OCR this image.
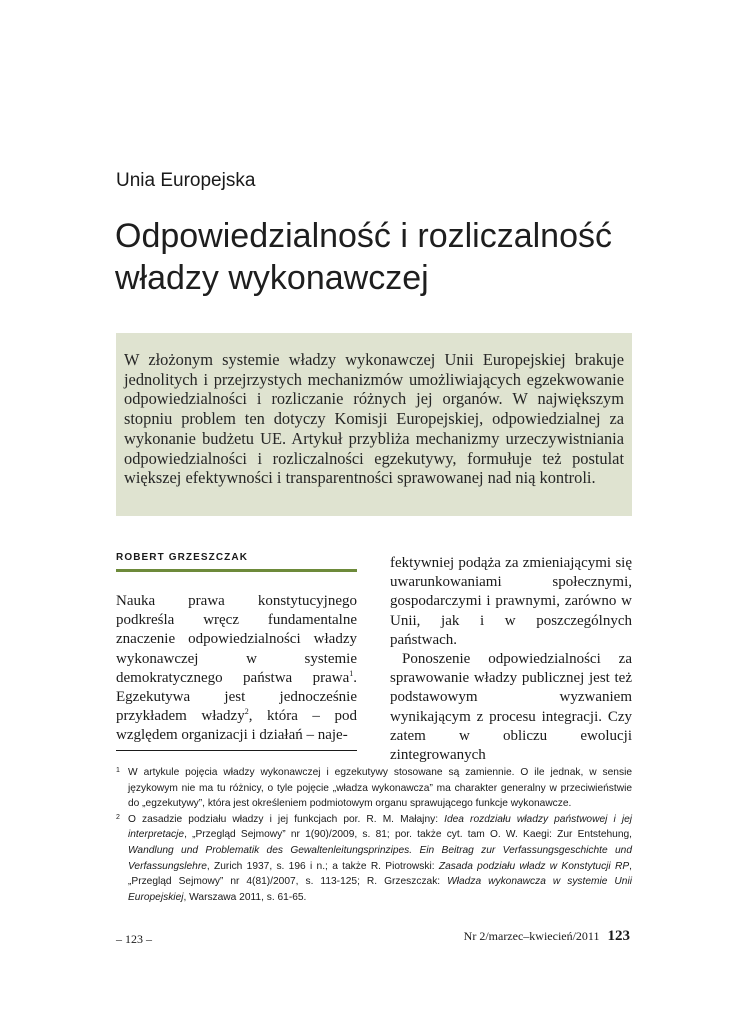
Unia Europejska
Odpowiedzialność i rozliczalność
władzy wykonawczej

W złożonym systemie władzy wykonawczej Unii Europejskiej brakuje jednolitych i przejrzystych mechanizmów umożliwiających egzekwowanie odpowiedzialności i rozliczanie różnych jej organów. W największym stopniu problem ten dotyczy Komisji Europejskiej, odpowiedzialnej za wykonanie budżetu UE. Artykuł przybliża mechanizmy urzeczywistniania odpowiedzialności i rozliczalności egzekutywy, formułuje też postulat większej efektywności i transparentności sprawowanej nad nią kontroli.

ROBERT GRZESZCZAK

Nauka prawa konstytucyjnego podkreśla wręcz fundamentalne znaczenie odpowiedzialności władzy wykonawczej w systemie demokratycznego państwa prawa$^1$. Egzekutywa jest jednocześnie przykładem władzy$^2$, która – pod względem organizacji i działań – naje-

fektywniej podąża za zmieniającymi się uwarunkowaniami społecznymi, gospodarczymi i prawnymi, zarówno w Unii, jak i w poszczególnych państwach.

Ponoszenie odpowiedzialności za sprawowanie władzy publicznej jest też podstawowym wyzwaniem wynikającym z procesu integracji. Czy zatem w obliczu ewolucji zintegrowanych

1 W artykule pojęcia władzy wykonawczej i egzekutywy stosowane są zamiennie. O ile jednak, w sensie językowym nie ma tu różnicy, o tyle pojęcie „władza wykonawcza” ma charakter generalny w przeciwieństwie do „egzekutywy”, która jest określeniem podmiotowym organu sprawującego funkcje wykonawcze.

2 O zasadzie podziału władzy i jej funkcjach por. R. M. Małajny: Idea rozdziału władzy państwowej i jej interpretacje, „Przegląd Sejmowy” nr 1(90)/2009, s. 81; por. także cyt. tam O. W. Kaegi: Zur Entstehung, Wandlung und Problematik des Gewaltenleitungsprinzipes. Ein Beitrag zur Verfassungsgeschichte und Verfassungslehre, Zurich 1937, s. 196 i n.; a także R. Piotrowski: Zasada podziału władz w Konstytucji RP, „Przegląd Sejmowy” nr 4(81)/2007, s. 113-125; R. Grzeszczak: Władza wykonawcza w systemie Unii Europejskiej, Warszawa 2011, s. 61-65.

– 123 –	Nr 2/marzec–kwiecień/2011 123
